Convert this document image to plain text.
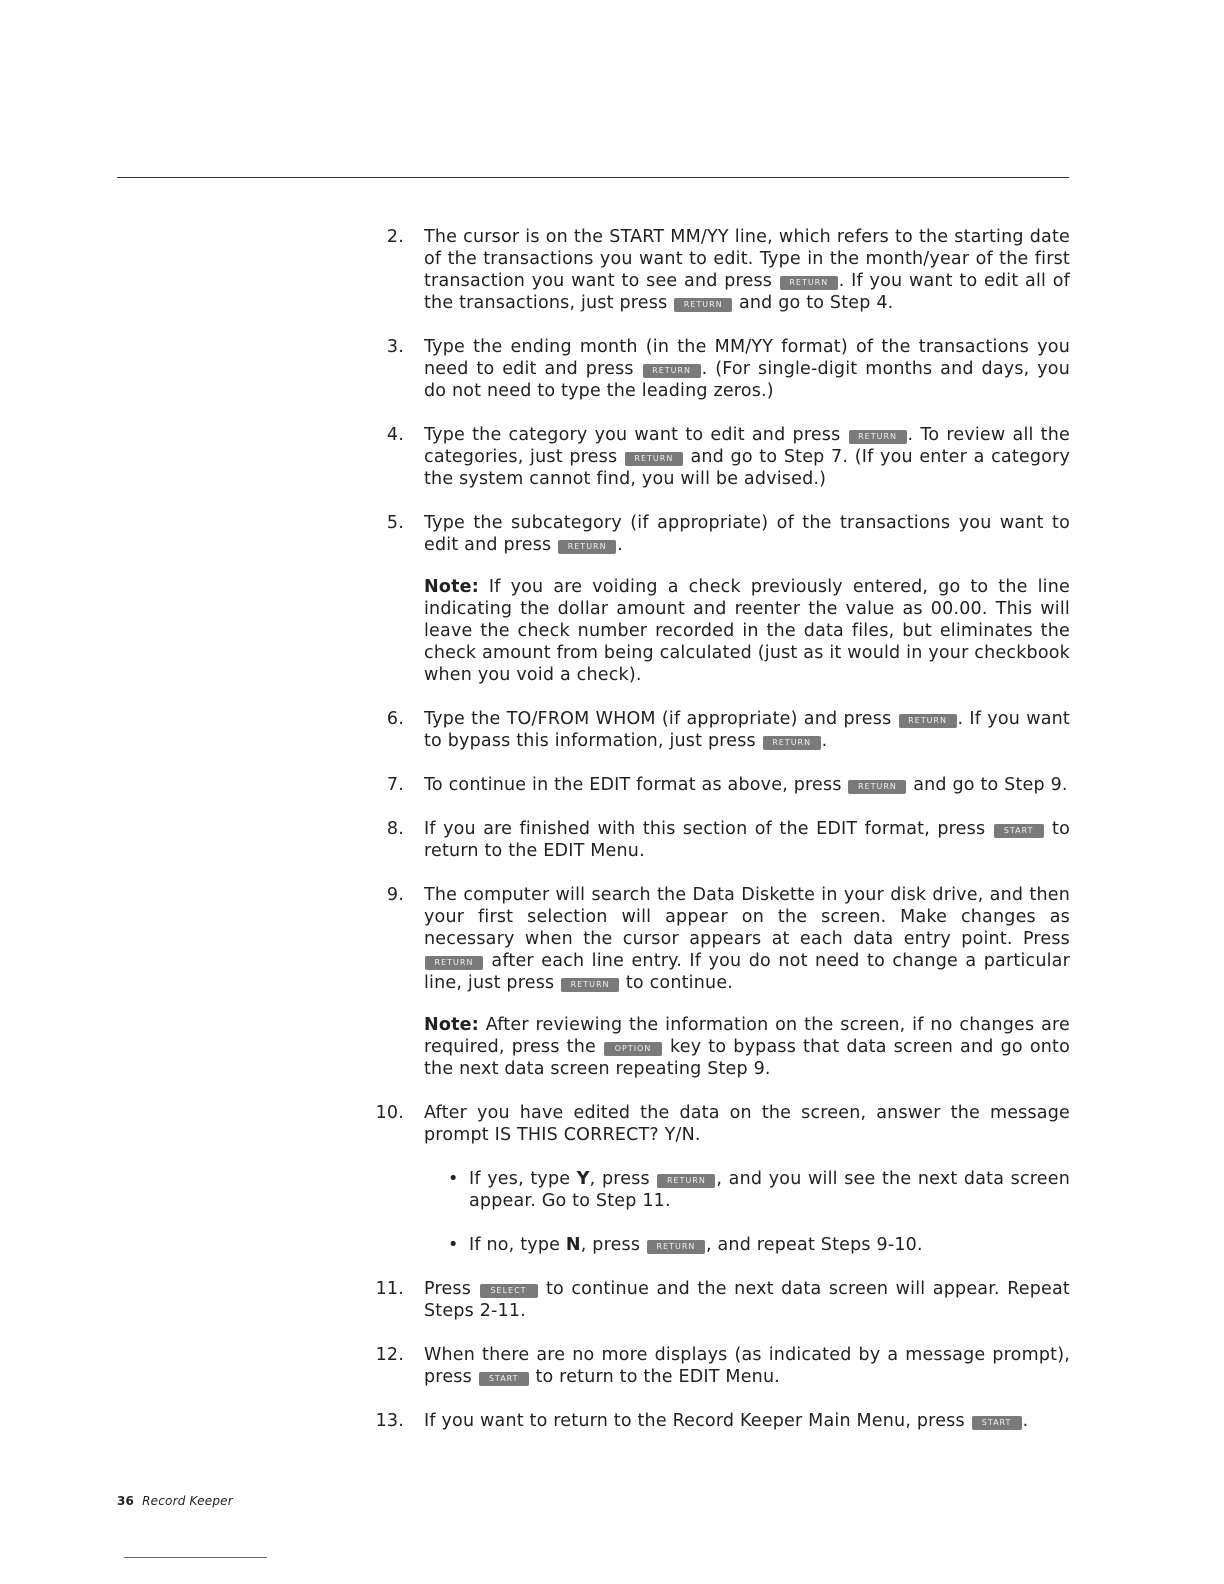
2. The cursor is on the START MM/YY line, which refers to the starting date of the transactions you want to edit. Type in the month/year of the first transaction you want to see and press RETURN . If you want to edit all of the transactions, just press RETURN and go to Step 4.
3. Type the ending month (in the MM/YY format) of the transactions you need to edit and press RETURN . (For single-digit months and days, you do not need to type the leading zeros.)
4. Type the category you want to edit and press RETURN . To review all the categories, just press RETURN and go to Step 7. (If you enter a category the system cannot find, you will be advised.)
5. Type the subcategory (if appropriate) of the transactions you want to edit and press RETURN .
Note: If you are voiding a check previously entered, go to the line indicating the dollar amount and reenter the value as 00.00. This will leave the check number recorded in the data files, but eliminates the check amount from being calculated (just as it would in your checkbook when you void a check).
6. Type the TO/FROM WHOM (if appropriate) and press RETURN . If you want to bypass this information, just press RETURN .
7. To continue in the EDIT format as above, press RETURN and go to Step 9.
8. If you are finished with this section of the EDIT format, press START to return to the EDIT Menu.
9. The computer will search the Data Diskette in your disk drive, and then your first selection will appear on the screen. Make changes as necessary when the cursor appears at each data entry point. Press RETURN after each line entry. If you do not need to change a particular line, just press RETURN to continue.
Note: After reviewing the information on the screen, if no changes are required, press the OPTION key to bypass that data screen and go onto the next data screen repeating Step 9.
10. After you have edited the data on the screen, answer the message prompt IS THIS CORRECT? Y/N.
• If yes, type Y, press RETURN , and you will see the next data screen appear. Go to Step 11.
• If no, type N, press RETURN , and repeat Steps 9-10.
11. Press SELECT to continue and the next data screen will appear. Repeat Steps 2-11.
12. When there are no more displays (as indicated by a message prompt), press START to return to the EDIT Menu.
13. If you want to return to the Record Keeper Main Menu, press START .
36 Record Keeper
